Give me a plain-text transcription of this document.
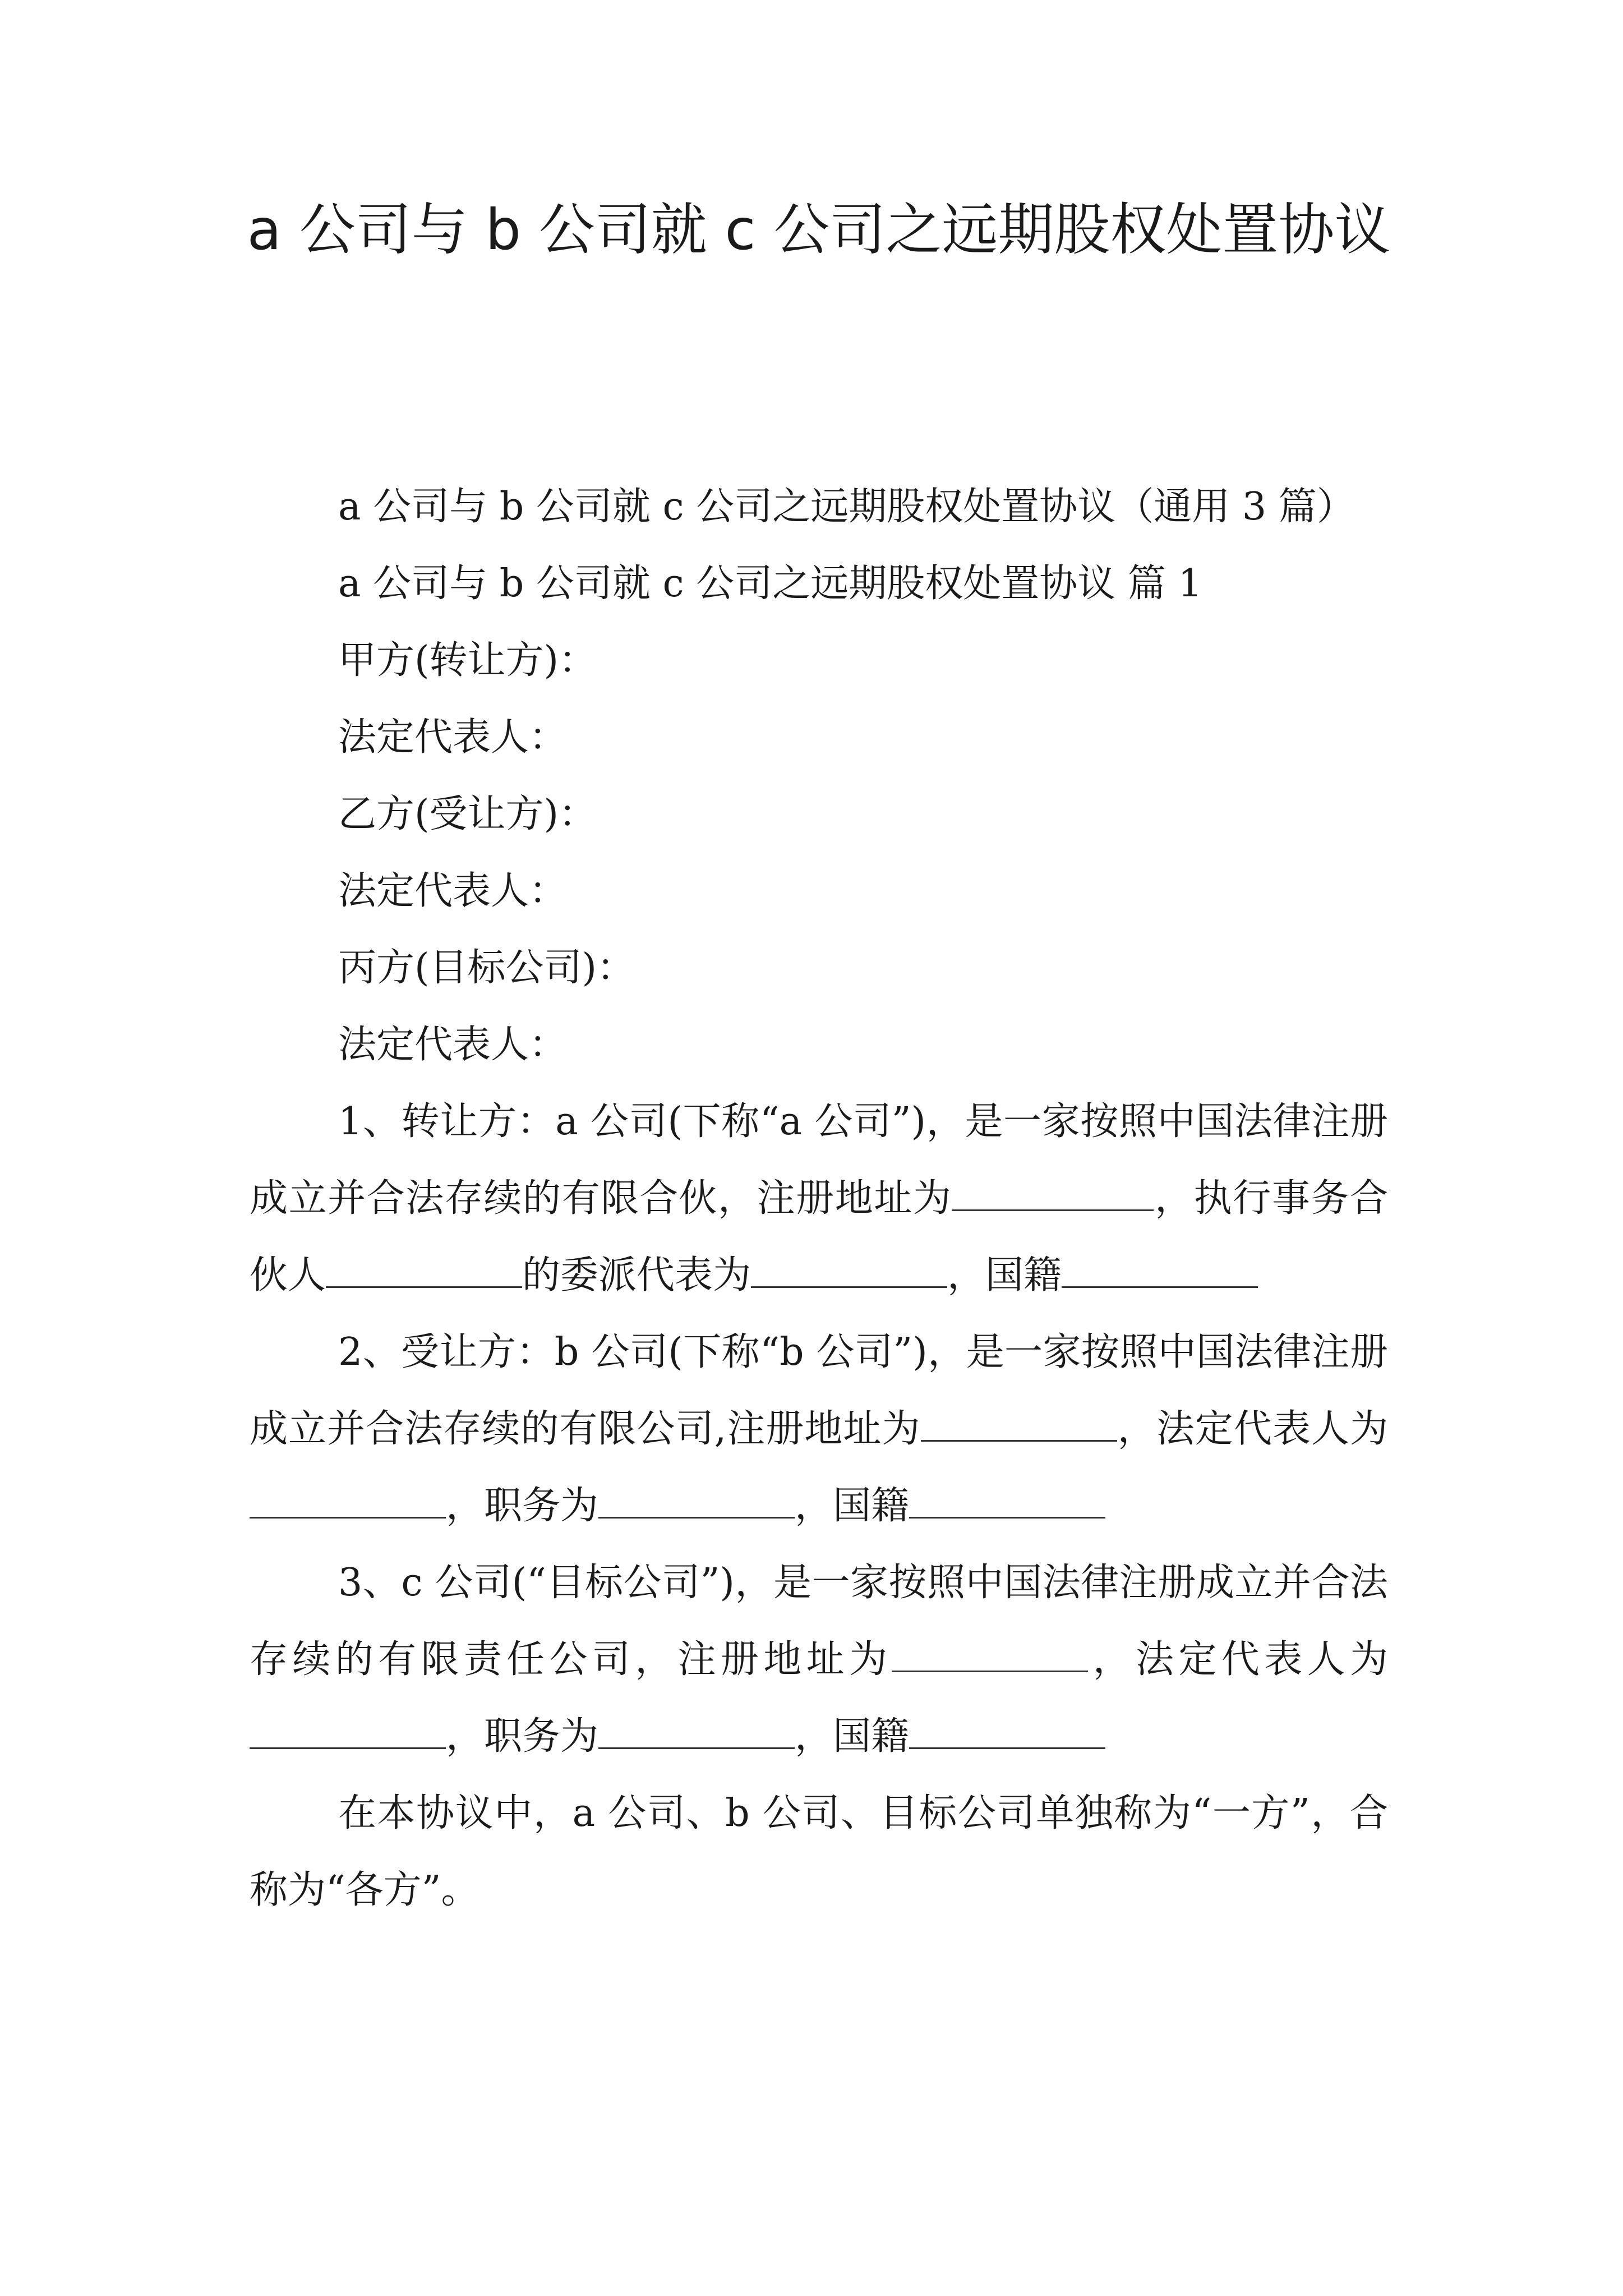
a 公司与 b 公司就 c 公司之远期股权处置协议

a 公司与 b 公司就 c 公司之远期股权处置协议（通用 3 篇）

a 公司与 b 公司就 c 公司之远期股权处置协议 篇 1

甲方(转让方)：

法定代表人：

乙方(受让方)：

法定代表人：

丙方(目标公司)：

法定代表人：

1、转让方：a 公司(下称“a 公司”)，是一家按照中国法律注册成立并合法存续的有限合伙，注册地址为	，执行事务合伙人	的委派代表为	，国籍

2、受让方：b 公司(下称“b 公司”)，是一家按照中国法律注册成立并合法存续的有限公司,注册地址为	，法定代表人为，职务为	，国籍

3、c 公司(“目标公司”)，是一家按照中国法律注册成立并合法存续的有限责任公司，注册地址为	，法定代表人为，职务为	，国籍

在本协议中，a 公司、b 公司、目标公司单独称为“一方”，合称为“各方”。
